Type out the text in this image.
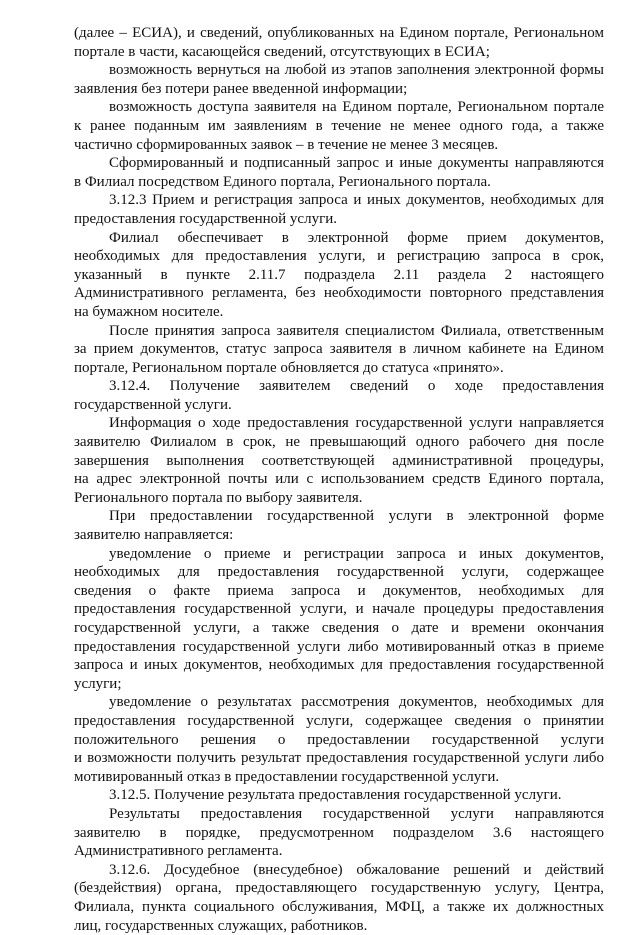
(далее – ЕСИА), и сведений, опубликованных на Едином портале, Региональном
портале в части, касающейся сведений, отсутствующих в ЕСИА;
возможность вернуться на любой из этапов заполнения электронной формы
заявления без потери ранее введенной информации;
возможность доступа заявителя на Едином портале, Региональном портале
к ранее поданным им заявлениям в течение не менее одного года, а также
частично сформированных заявок – в течение не менее 3 месяцев.
Сформированный и подписанный запрос и иные документы направляются
в Филиал посредством Единого портала, Регионального портала.
3.12.3 Прием и регистрация запроса и иных документов, необходимых для
предоставления государственной услуги.
Филиал обеспечивает в электронной форме прием документов,
необходимых для предоставления услуги, и регистрацию запроса в срок,
указанный в пункте 2.11.7 подраздела 2.11 раздела 2 настоящего
Административного регламента, без необходимости повторного представления
на бумажном носителе.
После принятия запроса заявителя специалистом Филиала, ответственным
за прием документов, статус запроса заявителя в личном кабинете на Едином
портале, Региональном портале обновляется до статуса «принято».
3.12.4. Получение заявителем сведений о ходе предоставления
государственной услуги.
Информация о ходе предоставления государственной услуги направляется
заявителю Филиалом в срок, не превышающий одного рабочего дня после
завершения выполнения соответствующей административной процедуры,
на адрес электронной почты или с использованием средств Единого портала,
Регионального портала по выбору заявителя.
При предоставлении государственной услуги в электронной форме
заявителю направляется:
уведомление о приеме и регистрации запроса и иных документов,
необходимых для предоставления государственной услуги, содержащее
сведения о факте приема запроса и документов, необходимых для
предоставления государственной услуги, и начале процедуры предоставления
государственной услуги, а также сведения о дате и времени окончания
предоставления государственной услуги либо мотивированный отказ в приеме
запроса и иных документов, необходимых для предоставления государственной
услуги;
уведомление о результатах рассмотрения документов, необходимых для
предоставления государственной услуги, содержащее сведения о принятии
положительного решения о предоставлении государственной услуги
и возможности получить результат предоставления государственной услуги либо
мотивированный отказ в предоставлении государственной услуги.
3.12.5. Получение результата предоставления государственной услуги.
Результаты предоставления государственной услуги направляются
заявителю в порядке, предусмотренном подразделом 3.6 настоящего
Административного регламента.
3.12.6. Досудебное (внесудебное) обжалование решений и действий
(бездействия) органа, предоставляющего государственную услугу, Центра,
Филиала, пункта социального обслуживания, МФЦ, а также их должностных
лиц, государственных служащих, работников.
